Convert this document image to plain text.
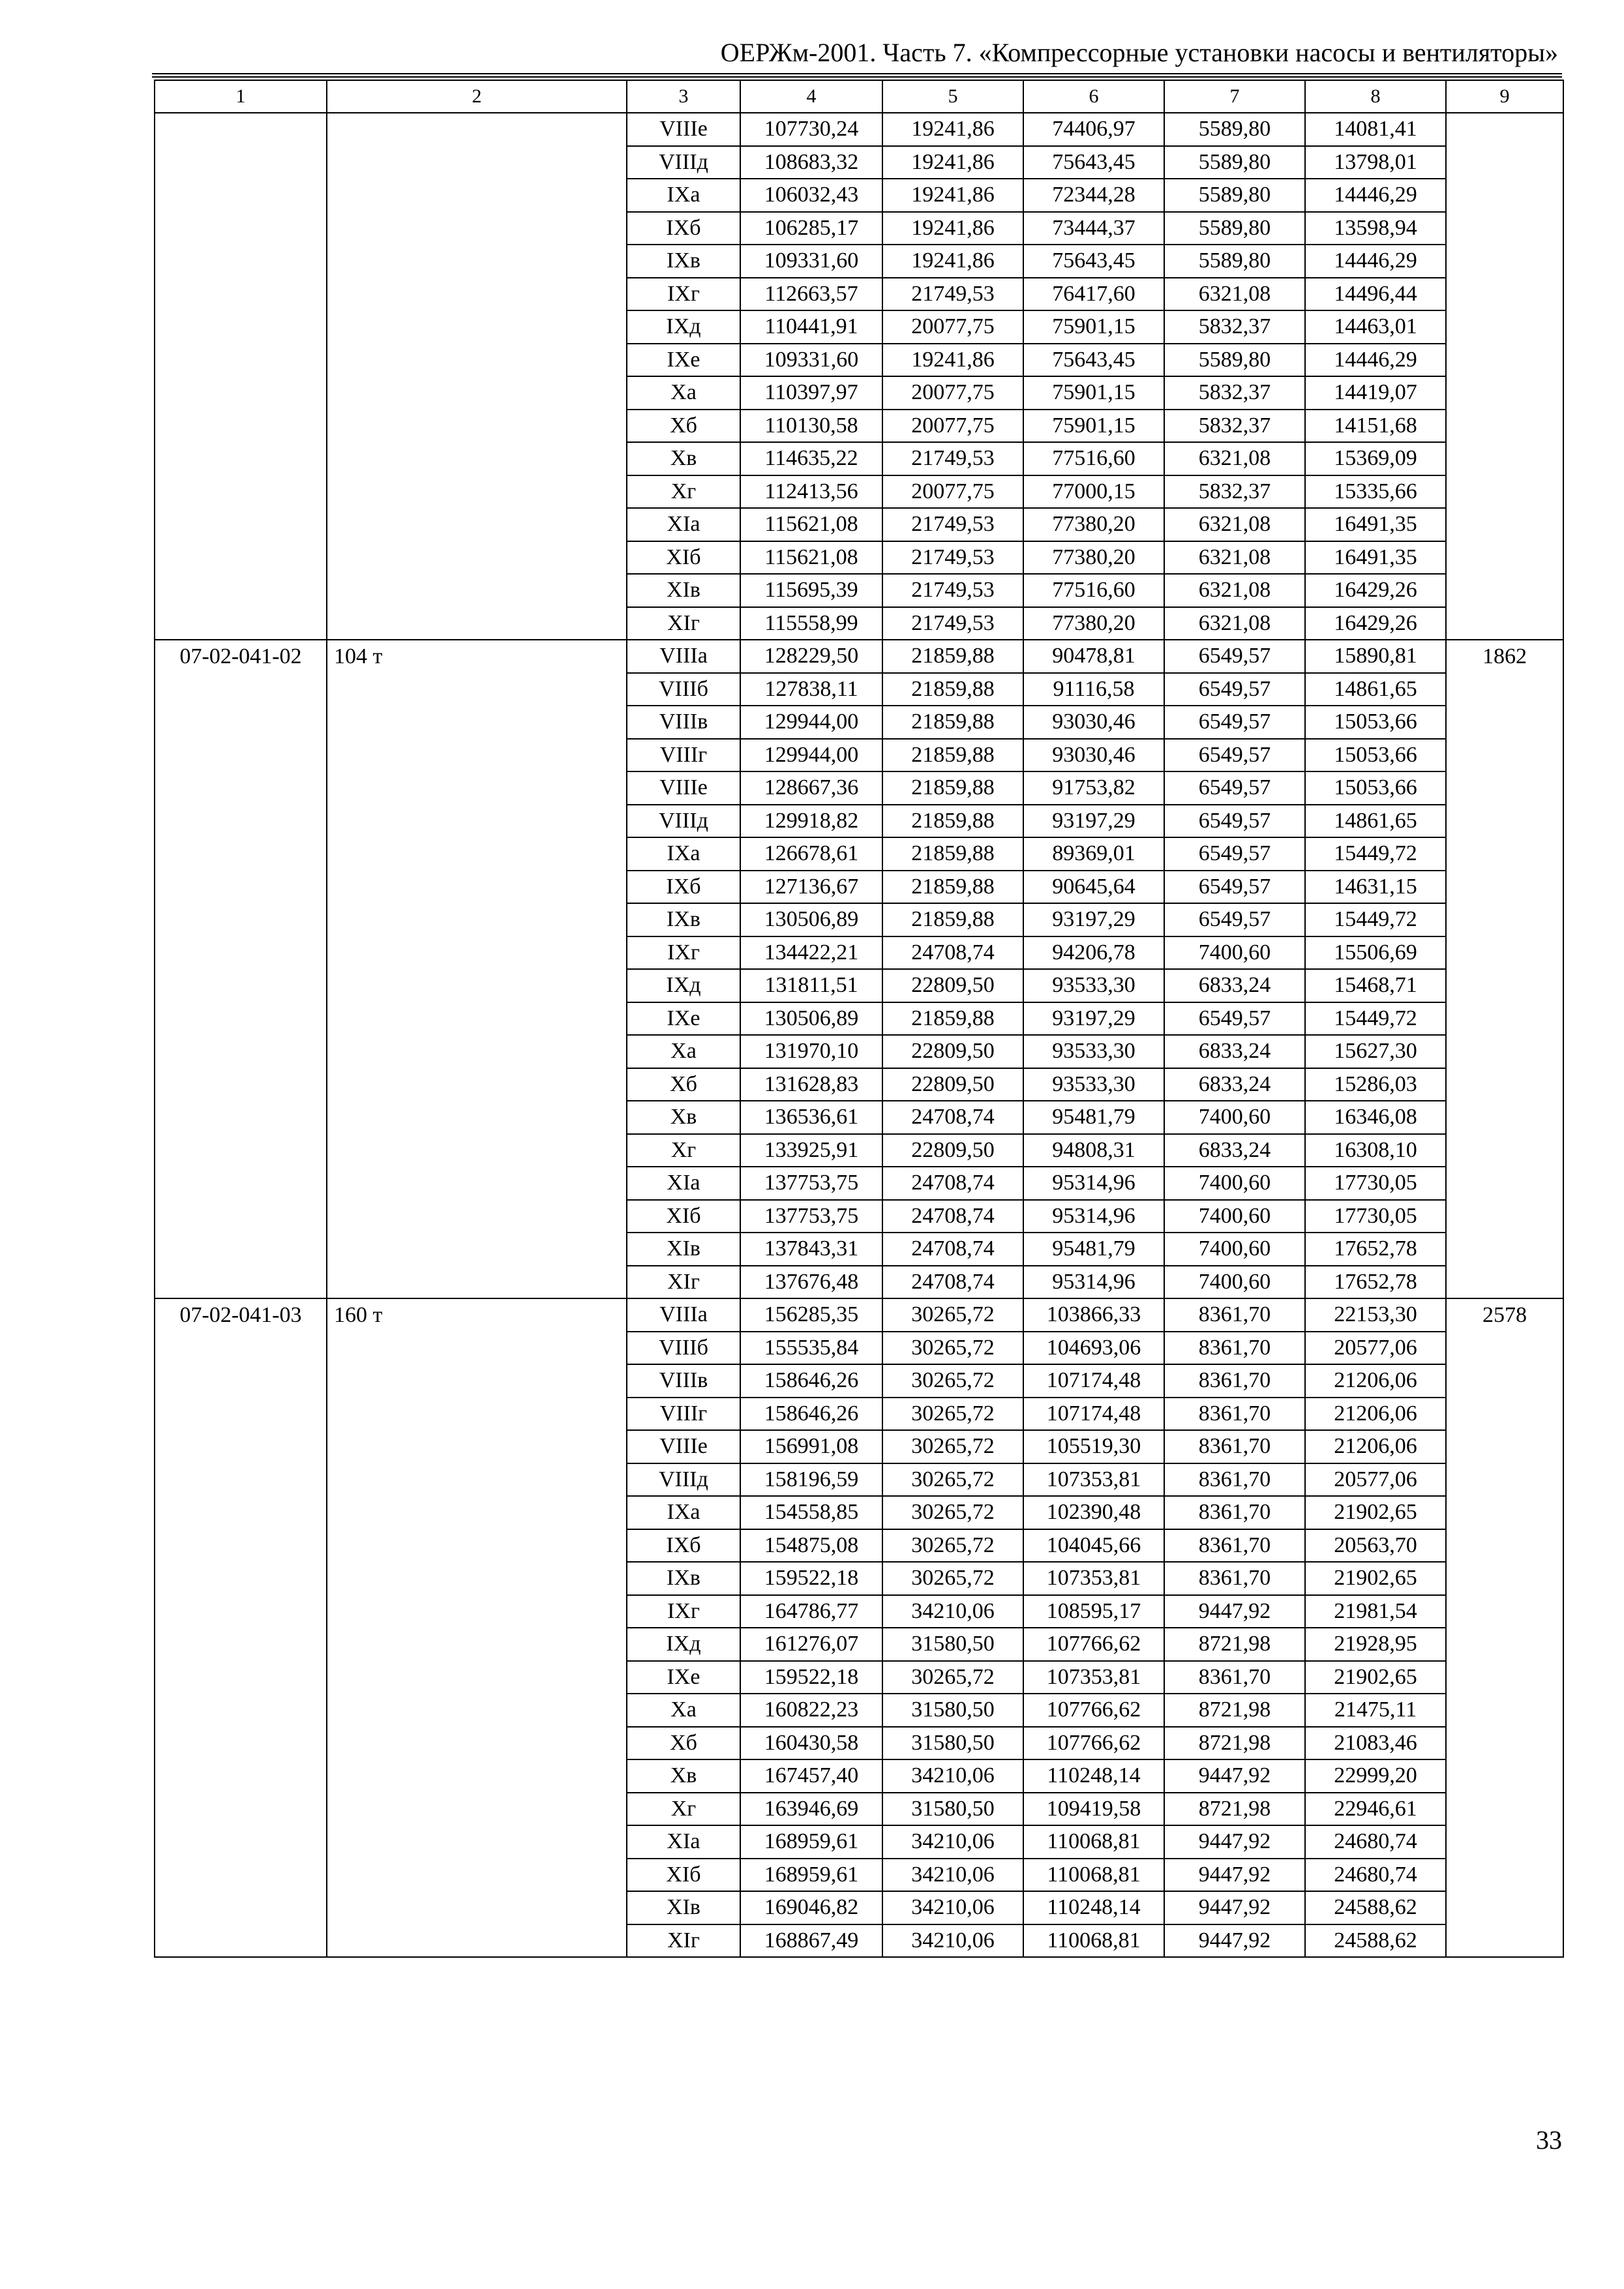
ОЕРЖм-2001. Часть 7. «Компрессорные установки насосы и вентиляторы»
1	2	3	4	5	6	7	8	9
		VIIIе	107730,24	19241,86	74406,97	5589,80	14081,41	
		VIIIд	108683,32	19241,86	75643,45	5589,80	13798,01	
		IXа	106032,43	19241,86	72344,28	5589,80	14446,29	
		IXб	106285,17	19241,86	73444,37	5589,80	13598,94	
		IXв	109331,60	19241,86	75643,45	5589,80	14446,29	
		IXг	112663,57	21749,53	76417,60	6321,08	14496,44	
		IXд	110441,91	20077,75	75901,15	5832,37	14463,01	
		IXе	109331,60	19241,86	75643,45	5589,80	14446,29	
		Xа	110397,97	20077,75	75901,15	5832,37	14419,07	
		Xб	110130,58	20077,75	75901,15	5832,37	14151,68	
		Xв	114635,22	21749,53	77516,60	6321,08	15369,09	
		Xг	112413,56	20077,75	77000,15	5832,37	15335,66	
		XIа	115621,08	21749,53	77380,20	6321,08	16491,35	
		XIб	115621,08	21749,53	77380,20	6321,08	16491,35	
		XIв	115695,39	21749,53	77516,60	6321,08	16429,26	
		XIг	115558,99	21749,53	77380,20	6321,08	16429,26	
07-02-041-02	104 т	VIIIа	128229,50	21859,88	90478,81	6549,57	15890,81	1862
		VIIIб	127838,11	21859,88	91116,58	6549,57	14861,65	
		VIIIв	129944,00	21859,88	93030,46	6549,57	15053,66	
		VIIIг	129944,00	21859,88	93030,46	6549,57	15053,66	
		VIIIе	128667,36	21859,88	91753,82	6549,57	15053,66	
		VIIIд	129918,82	21859,88	93197,29	6549,57	14861,65	
		IXа	126678,61	21859,88	89369,01	6549,57	15449,72	
		IXб	127136,67	21859,88	90645,64	6549,57	14631,15	
		IXв	130506,89	21859,88	93197,29	6549,57	15449,72	
		IXг	134422,21	24708,74	94206,78	7400,60	15506,69	
		IXд	131811,51	22809,50	93533,30	6833,24	15468,71	
		IXе	130506,89	21859,88	93197,29	6549,57	15449,72	
		Xа	131970,10	22809,50	93533,30	6833,24	15627,30	
		Xб	131628,83	22809,50	93533,30	6833,24	15286,03	
		Xв	136536,61	24708,74	95481,79	7400,60	16346,08	
		Xг	133925,91	22809,50	94808,31	6833,24	16308,10	
		XIа	137753,75	24708,74	95314,96	7400,60	17730,05	
		XIб	137753,75	24708,74	95314,96	7400,60	17730,05	
		XIв	137843,31	24708,74	95481,79	7400,60	17652,78	
		XIг	137676,48	24708,74	95314,96	7400,60	17652,78	
07-02-041-03	160 т	VIIIа	156285,35	30265,72	103866,33	8361,70	22153,30	2578
		VIIIб	155535,84	30265,72	104693,06	8361,70	20577,06	
		VIIIв	158646,26	30265,72	107174,48	8361,70	21206,06	
		VIIIг	158646,26	30265,72	107174,48	8361,70	21206,06	
		VIIIе	156991,08	30265,72	105519,30	8361,70	21206,06	
		VIIIд	158196,59	30265,72	107353,81	8361,70	20577,06	
		IXа	154558,85	30265,72	102390,48	8361,70	21902,65	
		IXб	154875,08	30265,72	104045,66	8361,70	20563,70	
		IXв	159522,18	30265,72	107353,81	8361,70	21902,65	
		IXг	164786,77	34210,06	108595,17	9447,92	21981,54	
		IXд	161276,07	31580,50	107766,62	8721,98	21928,95	
		IXе	159522,18	30265,72	107353,81	8361,70	21902,65	
		Xа	160822,23	31580,50	107766,62	8721,98	21475,11	
		Xб	160430,58	31580,50	107766,62	8721,98	21083,46	
		Xв	167457,40	34210,06	110248,14	9447,92	22999,20	
		Xг	163946,69	31580,50	109419,58	8721,98	22946,61	
		XIа	168959,61	34210,06	110068,81	9447,92	24680,74	
		XIб	168959,61	34210,06	110068,81	9447,92	24680,74	
		XIв	169046,82	34210,06	110248,14	9447,92	24588,62	
		XIг	168867,49	34210,06	110068,81	9447,92	24588,62	
33
